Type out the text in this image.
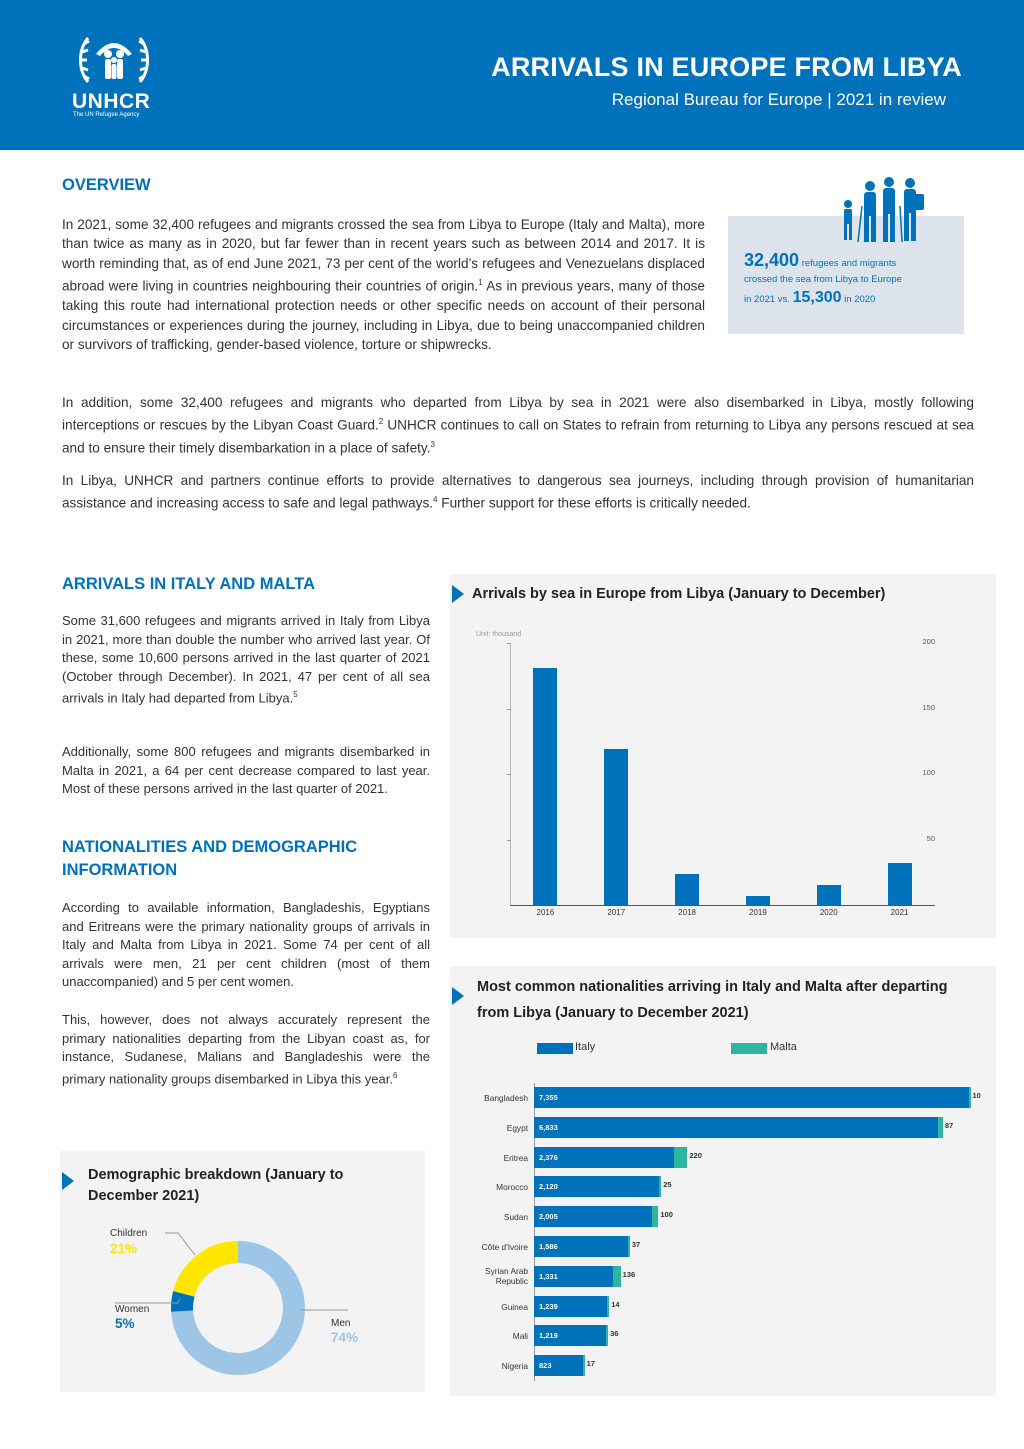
UNHCR
The UN Refugee Agency
ARRIVALS IN EUROPE FROM LIBYA
Regional Bureau for Europe | 2021 in review
OVERVIEW
In 2021, some 32,400 refugees and migrants crossed the sea from Libya to Europe (Italy and Malta), more than twice as many as in 2020, but far fewer than in recent years such as between 2014 and 2017. It is worth reminding that, as of end June 2021, 73 per cent of the world’s refugees and Venezuelans displaced abroad were living in countries neighbouring their countries of origin.$^1$ As in previous years, many of those taking this route had international protection needs or other specific needs on account of their personal circumstances or experiences during the journey, including in Libya, due to being unaccompanied children or survivors of trafficking, gender-based violence, torture or shipwrecks.
32,400 refugees and migrants
crossed the sea from Libya to Europe
in 2021 vs. 15,300 in 2020
In addition, some 32,400 refugees and migrants who departed from Libya by sea in 2021 were also disembarked in Libya, mostly following interceptions or rescues by the Libyan Coast Guard.$^2$ UNHCR continues to call on States to refrain from returning to Libya any persons rescued at sea and to ensure their timely disembarkation in a place of safety.$^3$
In Libya, UNHCR and partners continue efforts to provide alternatives to dangerous sea journeys, including through provision of humanitarian assistance and increasing access to safe and legal pathways.$^4$ Further support for these efforts is critically needed.
ARRIVALS IN ITALY AND MALTA
Some 31,600 refugees and migrants arrived in Italy from Libya in 2021, more than double the number who arrived last year. Of these, some 10,600 persons arrived in the last quarter of 2021 (October through December). In 2021, 47 per cent of all sea arrivals in Italy had departed from Libya.$^5$
Additionally, some 800 refugees and migrants disembarked in Malta in 2021, a 64 per cent decrease compared to last year. Most of these persons arrived in the last quarter of 2021.
NATIONALITIES AND DEMOGRAPHIC
INFORMATION
According to available information, Bangladeshis, Egyptians and Eritreans were the primary nationality groups of arrivals in Italy and Malta from Libya in 2021. Some 74 per cent of all arrivals were men, 21 per cent children (most of them unaccompanied) and 5 per cent women.
This, however, does not always accurately represent the primary nationalities departing from the Libyan coast as, for instance, Sudanese, Malians and Bangladeshis were the primary nationality groups disembarked in Libya this year.$^6$
Arrivals by sea in Europe from Libya (January to December)
Unit: thousand
50
100
150
200
2016	2017	2018	2019	2020	2021
Most common nationalities arriving in Italy and Malta after departing from Libya (January to December 2021)
Italy	Malta
Bangladesh 7,355	10
Egypt 6,833	87
Eritrea 2,376	220
Morocco 2,120	25
Sudan 2,005	100
Côte d'Ivoire 1,586	37
Syrian Arab Republic 1,331	136
Guinea 1,239	14
Mali 1,219	36
Nigeria 823	17
Demographic breakdown (January to December 2021)
Children
21%
Women
5%	Men
74%
